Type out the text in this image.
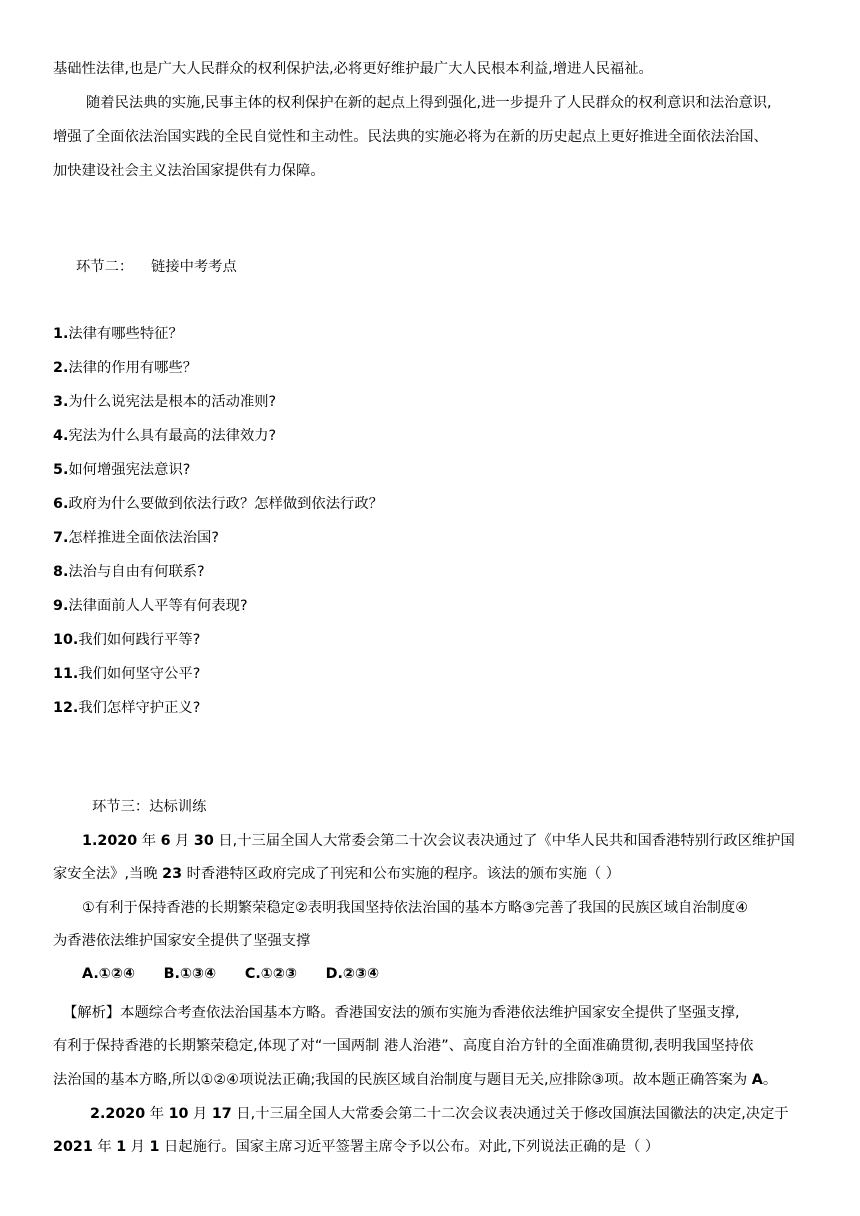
基础性法律,也是广大人民群众的权利保护法,必将更好维护最广大人民根本利益,增进人民福祉。
随着民法典的实施,民事主体的权利保护在新的起点上得到强化,进一步提升了人民群众的权利意识和法治意识,
增强了全面依法治国实践的全民自觉性和主动性。民法典的实施必将为在新的历史起点上更好推进全面依法治国、
加快建设社会主义法治国家提供有力保障。
环节二： 链接中考考点
1.法律有哪些特征？
2.法律的作用有哪些？
3.为什么说宪法是根本的活动准则?
4.宪法为什么具有最高的法律效力?
5.如何增强宪法意识?
6.政府为什么要做到依法行政？怎样做到依法行政？
7.怎样推进全面依法治国?
8.法治与自由有何联系?
9.法律面前人人平等有何表现?
10.我们如何践行平等?
11.我们如何坚守公平?
12.我们怎样守护正义?
环节三：达标训练
1.2020 年 6 月 30 日,十三届全国人大常委会第二十次会议表决通过了《中华人民共和国香港特别行政区维护国
家安全法》,当晚 23 时香港特区政府完成了刊宪和公布实施的程序。该法的颁布实施（ ）
①有利于保持香港的长期繁荣稳定②表明我国坚持依法治国的基本方略③完善了我国的民族区域自治制度④
为香港依法维护国家安全提供了坚强支撑
A.①②④ B.①③④ C.①②③ D.②③④
【解析】本题综合考查依法治国基本方略。香港国安法的颁布实施为香港依法维护国家安全提供了坚强支撑,
有利于保持香港的长期繁荣稳定,体现了对“一国两制 港人治港”、高度自治方针的全面准确贯彻,表明我国坚持依
法治国的基本方略,所以①②④项说法正确;我国的民族区域自治制度与题目无关,应排除③项。故本题正确答案为 A。
2.2020 年 10 月 17 日,十三届全国人大常委会第二十二次会议表决通过关于修改国旗法国徽法的决定,决定于
2021 年 1 月 1 日起施行。国家主席习近平签署主席令予以公布。对此,下列说法正确的是（ ）
